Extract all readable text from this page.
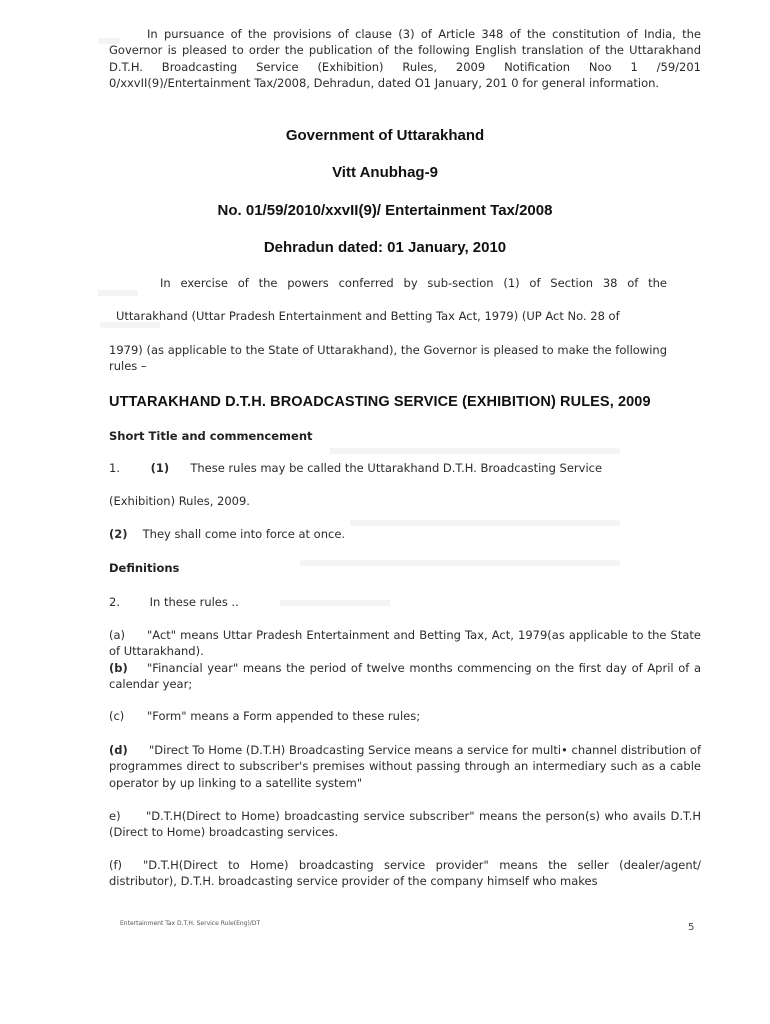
In pursuance of the provisions of clause (3) of Article 348 of the constitution of India, the Governor is pleased to order the publication of the following English translation of the Uttarakhand D.T.H. Broadcasting Service (Exhibition) Rules, 2009 Notification Noo 1 /59/201 0/xxvII(9)/Entertainment Tax/2008, Dehradun, dated O1 January, 201 0 for general information.

Government of Uttarakhand
Vitt Anubhag-9
No. 01/59/2010/xxvII(9)/ Entertainment Tax/2008
Dehradun dated: 01 January, 2010
In exercise of the powers conferred by sub-section (1) of Section 38 of the
Uttarakhand (Uttar Pradesh Entertainment and Betting Tax Act, 1979) (UP Act No. 28 of

1979) (as applicable to the State of Uttarakhand), the Governor is pleased to make the following rules –

UTTARAKHAND D.T.H. BROADCASTING SERVICE (EXHIBITION) RULES, 2009
Short Title and commencement
1.	(1) These rules may be called the Uttarakhand D.T.H. Broadcasting Service
(Exhibition) Rules, 2009.
(2) They shall come into force at once.
Definitions
2.	In these rules ..
(a) "Act" means Uttar Pradesh Entertainment and Betting Tax, Act, 1979(as applicable to the State of Uttarakhand).
(b) "Financial year" means the period of twelve months commencing on the first day of April of a calendar year;
(c) "Form" means a Form appended to these rules;
(d) "Direct To Home (D.T.H) Broadcasting Service means a service for multi• channel distribution of programmes direct to subscriber's premises without passing through an intermediary such as a cable operator by up linking to a satellite system"
e) "D.T.H(Direct to Home) broadcasting service subscriber" means the person(s) who avails D.T.H (Direct to Home) broadcasting services.
(f) "D.T.H(Direct to Home) broadcasting service provider" means the seller (dealer/agent/ distributor), D.T.H. broadcasting service provider of the company himself who makes
Entertainment Tax D.T.H. Service Rule(Eng)/DT	5
